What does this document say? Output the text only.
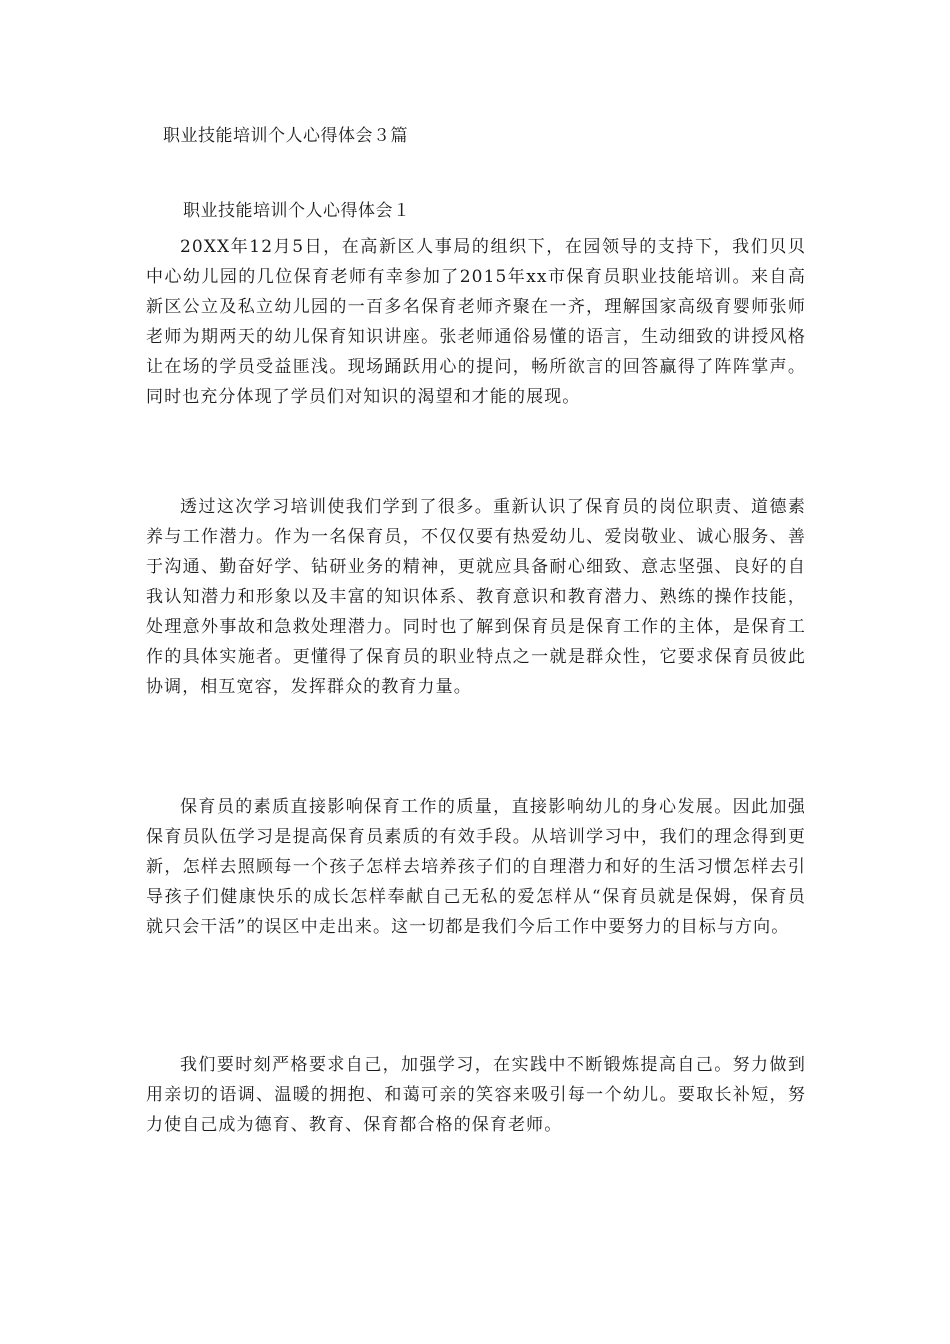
职业技能培训个人心得体会３篇
职业技能培训个人心得体会１

20XX年12月5日，在高新区人事局的组织下，在园领导的支持下，我们贝贝中心幼儿园的几位保育老师有幸参加了2015年xx市保育员职业技能培训。来自高新区公立及私立幼儿园的一百多名保育老师齐聚在一齐，理解国家高级育婴师张师老师为期两天的幼儿保育知识讲座。张老师通俗易懂的语言，生动细致的讲授风格让在场的学员受益匪浅。现场踊跃用心的提问，畅所欲言的回答赢得了阵阵掌声。同时也充分体现了学员们对知识的渴望和才能的展现。

透过这次学习培训使我们学到了很多。重新认识了保育员的岗位职责、道德素养与工作潜力。作为一名保育员，不仅仅要有热爱幼儿、爱岗敬业、诚心服务、善于沟通、勤奋好学、钻研业务的精神，更就应具备耐心细致、意志坚强、良好的自我认知潜力和形象以及丰富的知识体系、教育意识和教育潜力、熟练的操作技能，处理意外事故和急救处理潜力。同时也了解到保育员是保育工作的主体，是保育工作的具体实施者。更懂得了保育员的职业特点之一就是群众性，它要求保育员彼此协调，相互宽容，发挥群众的教育力量。

保育员的素质直接影响保育工作的质量，直接影响幼儿的身心发展。因此加强保育员队伍学习是提高保育员素质的有效手段。从培训学习中，我们的理念得到更新，怎样去照顾每一个孩子怎样去培养孩子们的自理潜力和好的生活习惯怎样去引导孩子们健康快乐的成长怎样奉献自己无私的爱怎样从“保育员就是保姆，保育员就只会干活”的误区中走出来。这一切都是我们今后工作中要努力的目标与方向。

我们要时刻严格要求自己，加强学习，在实践中不断锻炼提高自己。努力做到用亲切的语调、温暖的拥抱、和蔼可亲的笑容来吸引每一个幼儿。要取长补短，努力使自己成为德育、教育、保育都合格的保育老师。
